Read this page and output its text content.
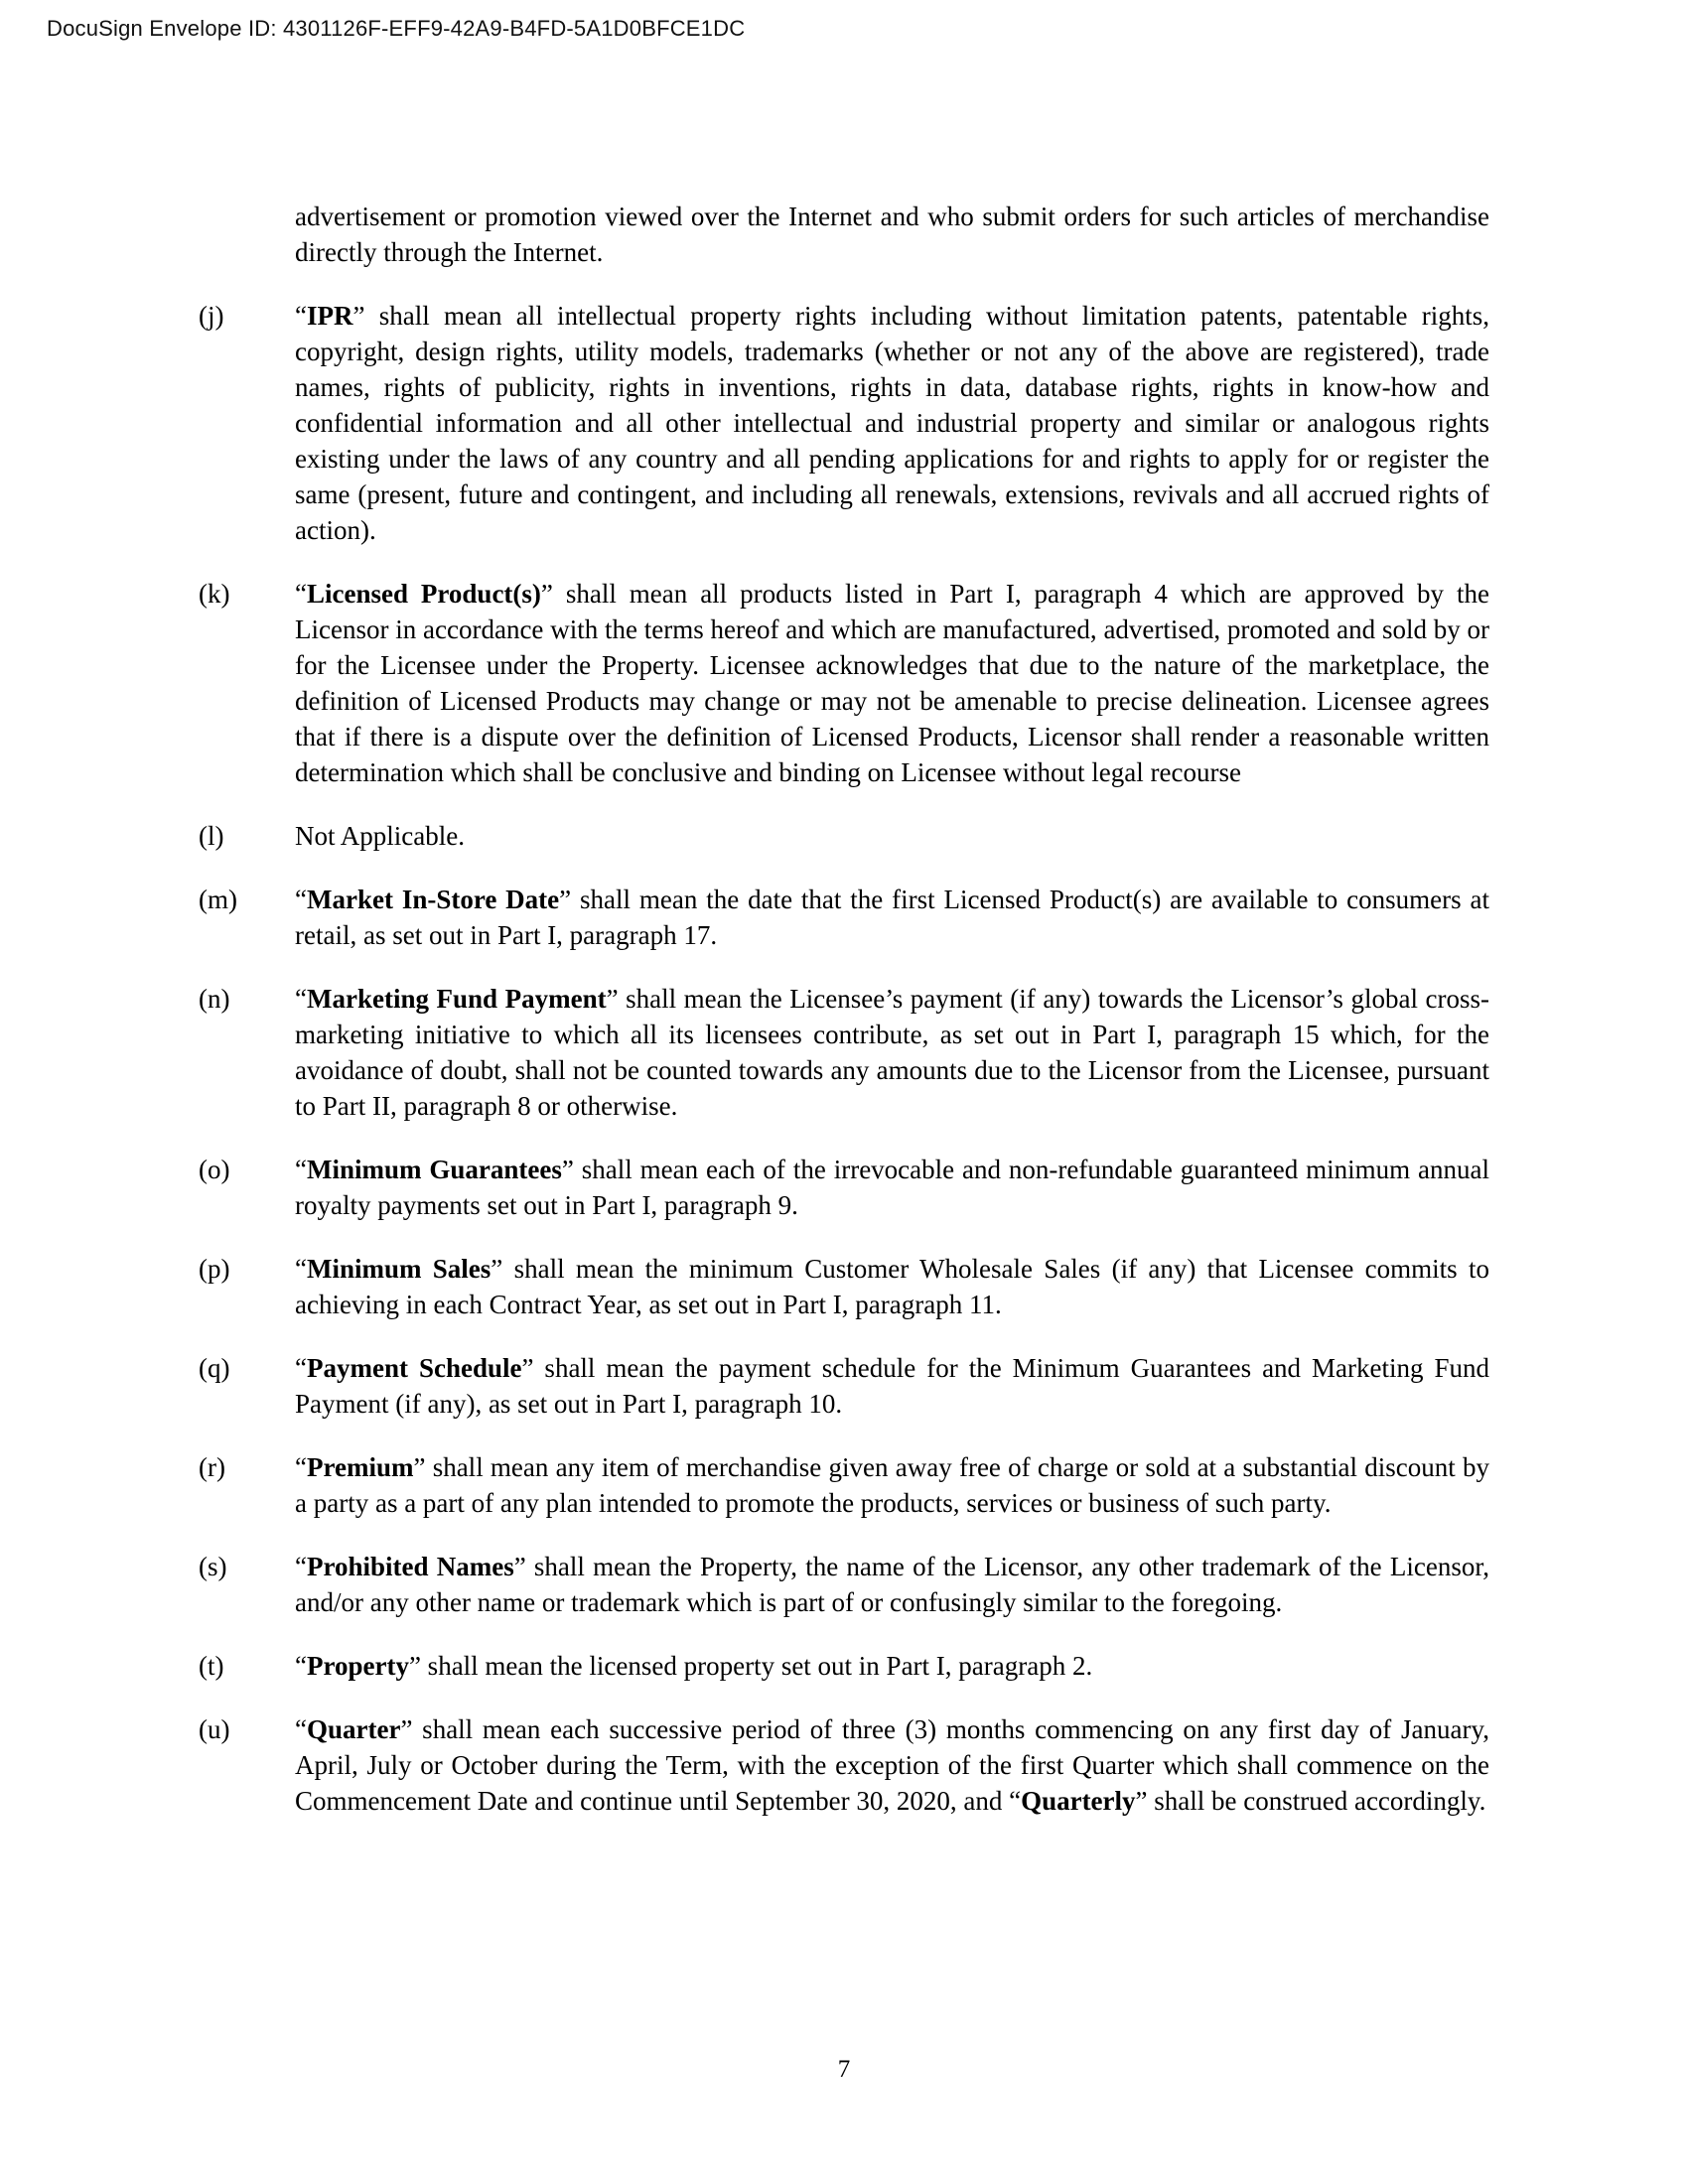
DocuSign Envelope ID: 4301126F-EFF9-42A9-B4FD-5A1D0BFCE1DC

advertisement or promotion viewed over the Internet and who submit orders for such articles of merchandise directly through the Internet.

(j)	“IPR” shall mean all intellectual property rights including without limitation patents, patentable rights, copyright, design rights, utility models, trademarks (whether or not any of the above are registered), trade names, rights of publicity, rights in inventions, rights in data, database rights, rights in know-how and confidential information and all other intellectual and industrial property and similar or analogous rights existing under the laws of any country and all pending applications for and rights to apply for or register the same (present, future and contingent, and including all renewals, extensions, revivals and all accrued rights of action).

(k)	“Licensed Product(s)” shall mean all products listed in Part I, paragraph 4 which are approved by the Licensor in accordance with the terms hereof and which are manufactured, advertised, promoted and sold by or for the Licensee under the Property. Licensee acknowledges that due to the nature of the marketplace, the definition of Licensed Products may change or may not be amenable to precise delineation. Licensee agrees that if there is a dispute over the definition of Licensed Products, Licensor shall render a reasonable written determination which shall be conclusive and binding on Licensee without legal recourse

(l)	Not Applicable.

(m)	“Market In-Store Date” shall mean the date that the first Licensed Product(s) are available to consumers at retail, as set out in Part I, paragraph 17.

(n)	“Marketing Fund Payment” shall mean the Licensee’s payment (if any) towards the Licensor’s global cross-marketing initiative to which all its licensees contribute, as set out in Part I, paragraph 15 which, for the avoidance of doubt, shall not be counted towards any amounts due to the Licensor from the Licensee, pursuant to Part II, paragraph 8 or otherwise.

(o)	“Minimum Guarantees” shall mean each of the irrevocable and non-refundable guaranteed minimum annual royalty payments set out in Part I, paragraph 9.

(p)	“Minimum Sales” shall mean the minimum Customer Wholesale Sales (if any) that Licensee commits to achieving in each Contract Year, as set out in Part I, paragraph 11.

(q)	“Payment Schedule” shall mean the payment schedule for the Minimum Guarantees and Marketing Fund Payment (if any), as set out in Part I, paragraph 10.

(r)	“Premium” shall mean any item of merchandise given away free of charge or sold at a substantial discount by a party as a part of any plan intended to promote the products, services or business of such party.

(s)	“Prohibited Names” shall mean the Property, the name of the Licensor, any other trademark of the Licensor, and/or any other name or trademark which is part of or confusingly similar to the foregoing.

(t)	“Property” shall mean the licensed property set out in Part I, paragraph 2.

(u)	“Quarter” shall mean each successive period of three (3) months commencing on any first day of January, April, July or October during the Term, with the exception of the first Quarter which shall commence on the Commencement Date and continue until September 30, 2020, and “Quarterly” shall be construed accordingly.

7
